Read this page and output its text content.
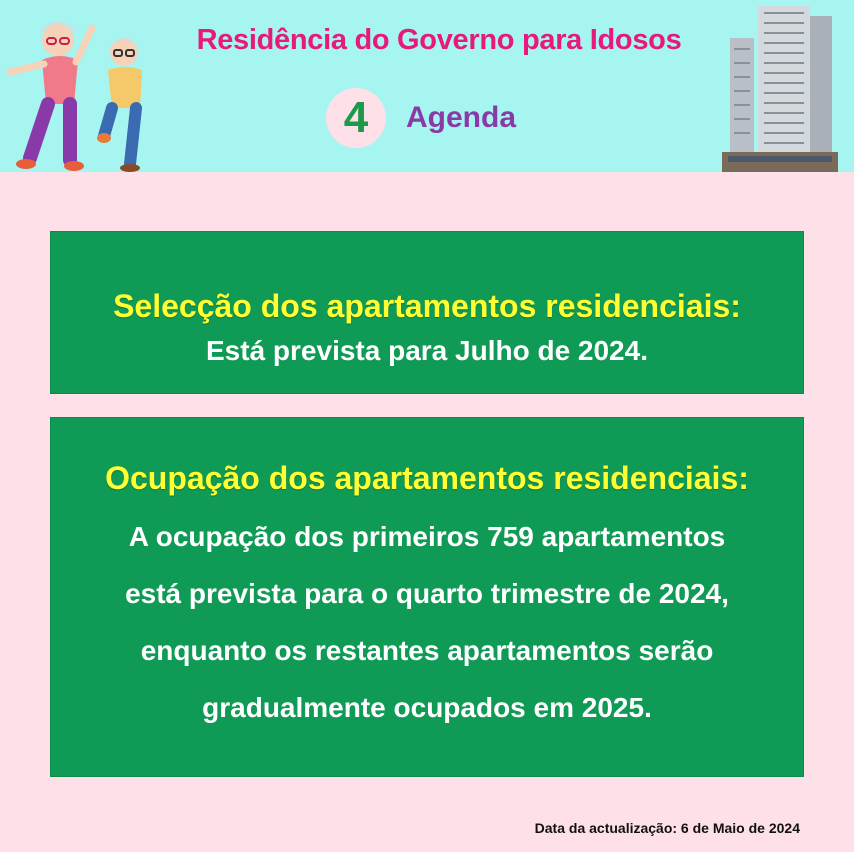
Residência do Governo para Idosos
4	Agenda
Selecção dos apartamentos residenciais:
Está prevista para Julho de 2024.
Ocupação dos apartamentos residenciais:
A ocupação dos primeiros 759 apartamentos
está prevista para o quarto trimestre de 2024,
enquanto os restantes apartamentos serão
gradualmente ocupados em 2025.
Data da actualização: 6 de Maio de 2024
